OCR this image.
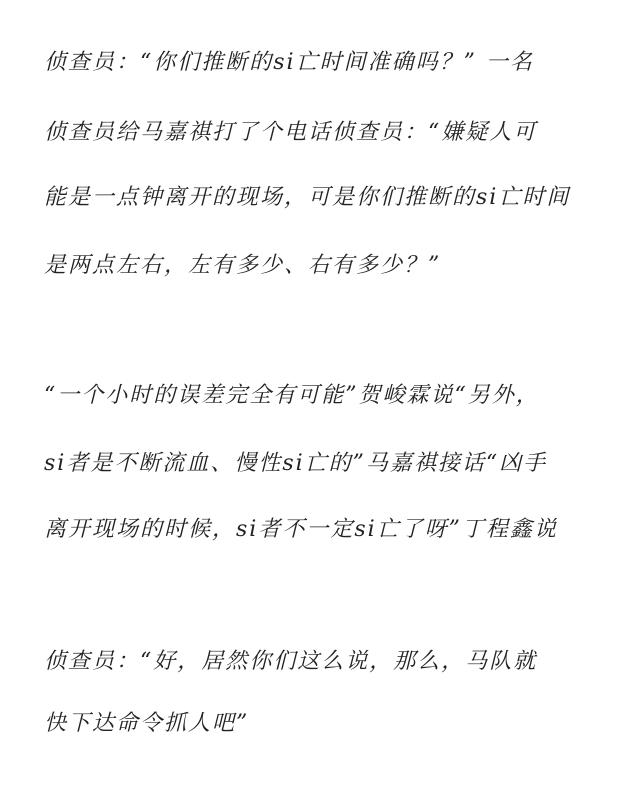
侦查员：“你们推断的si亡时间准确吗？” 一名
侦查员给马嘉祺打了个电话侦查员：“嫌疑人可
能是一点钟离开的现场，可是你们推断的si亡时间
是两点左右，左有多少、右有多少？”
“一个小时的误差完全有可能”贺峻霖说“另外，
si者是不断流血、慢性si亡的”马嘉祺接话“凶手
离开现场的时候，si者不一定si亡了呀”丁程鑫说
侦查员：“好，居然你们这么说，那么，马队就
快下达命令抓人吧”
